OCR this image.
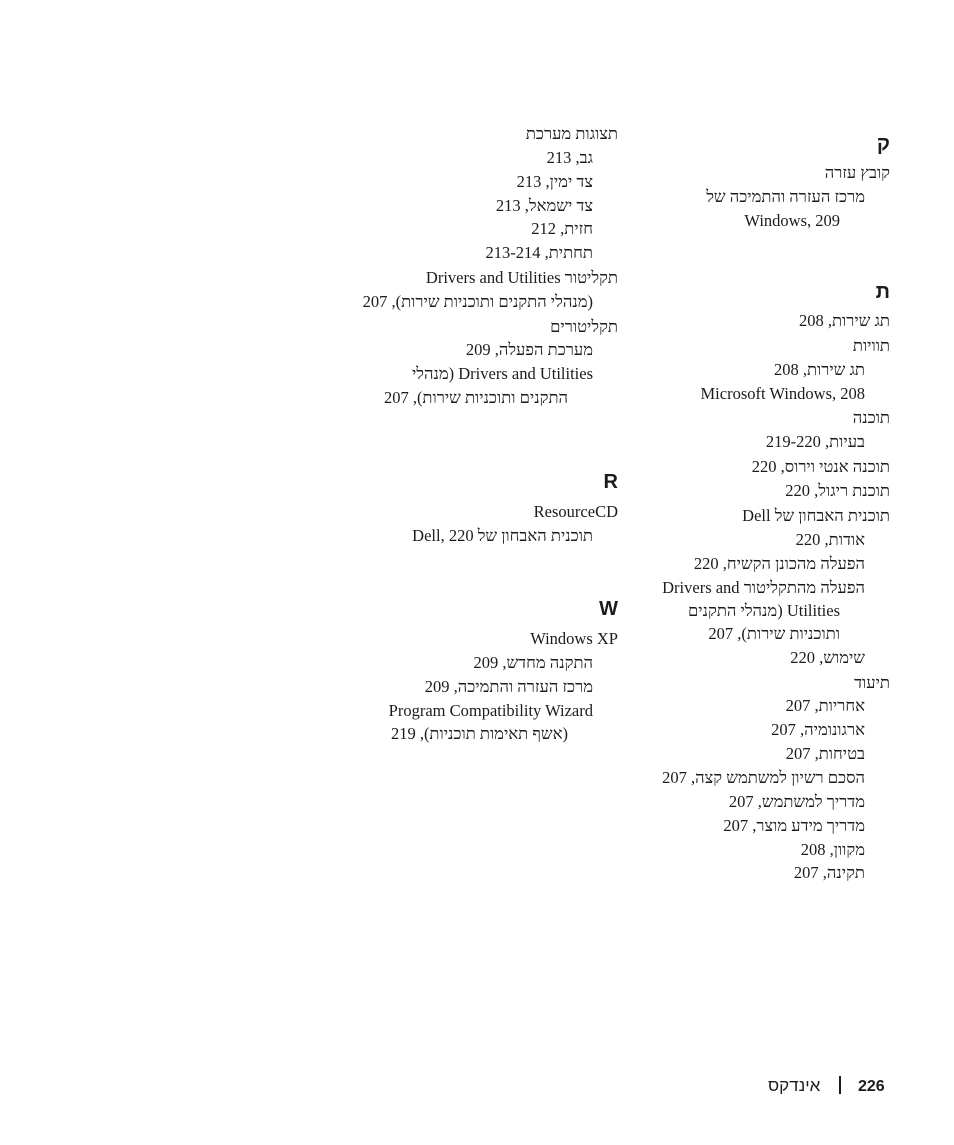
ק
קובץ עזרה
מרכז העזרה והתמיכה של
Windows, 209
ת
תג שירות, 208
תוויות
תג שירות, 208
Microsoft Windows, 208
תוכנה
בעיות, 219-220
תוכנה אנטי וירוס, 220
תוכנת ריגול, 220
תוכנית האבחון של Dell
אודות, 220
הפעלה מהכונן הקשיח, 220
הפעלה מהתקליטור Drivers and
Utilities (מנהלי התקנים
ותוכניות שירות), 207
שימוש, 220
תיעוד
אחריות, 207
ארגונומיה, 207
בטיחות, 207
הסכם רשיון למשתמש קצה, 207
מדריך למשתמש, 207
מדריך מידע מוצר, 207
מקוון, 208
תקינה, 207
תצוגות מערכת
גב, 213
צד ימין, 213
צד ישמאל, 213
חזית, 212
תחתית, 213-214
תקליטור Drivers and Utilities
(מנהלי התקנים ותוכניות שירות), 207
תקליטורים
מערכת הפעלה, 209
Drivers and Utilities (מנהלי
התקנים ותוכניות שירות), 207
R
ResourceCD
תוכנית האבחון של Dell, 220
W
Windows XP
התקנה מחדש, 209
מרכז העזרה והתמיכה, 209
Program Compatibility Wizard
(אשף תאימות תוכניות), 219
226
אינדקס
